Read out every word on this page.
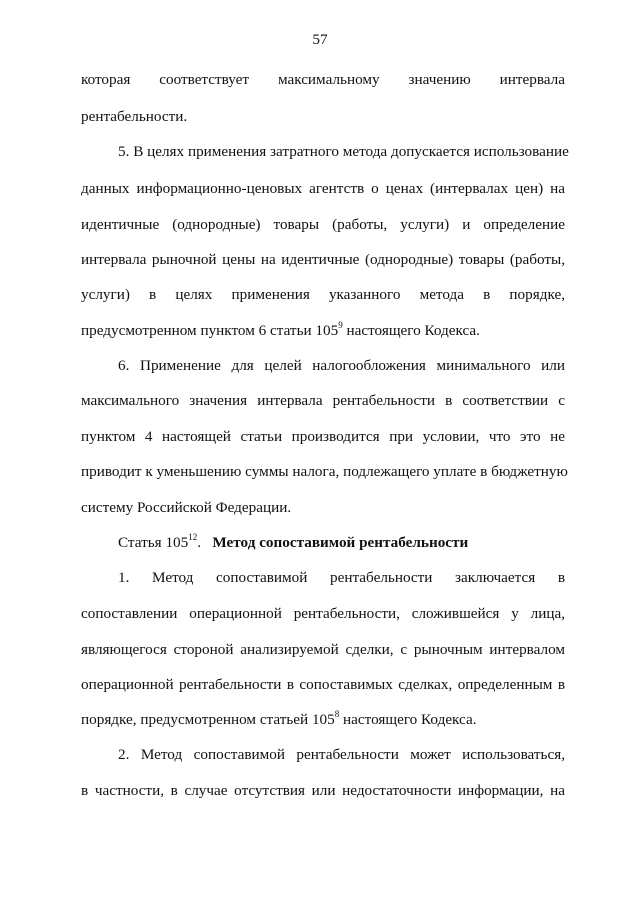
57
которая соответствует максимальному значению интервала
рентабельности.
5. В целях применения затратного метода допускается использование
данных информационно-ценовых агентств о ценах (интервалах цен) на
идентичные (однородные) товары (работы, услуги) и определение
интервала рыночной цены на идентичные (однородные) товары (работы,
услуги) в целях применения указанного метода в порядке,
предусмотренном пунктом 6 статьи $105^9$ настоящего Кодекса.
6. Применение для целей налогообложения минимального или
максимального значения интервала рентабельности в соответствии с
пунктом 4 настоящей статьи производится при условии, что это не
приводит к уменьшению суммы налога, подлежащего уплате в бюджетную
систему Российской Федерации.
Статья $105^{12}$. Метод сопоставимой рентабельности
1. Метод сопоставимой рентабельности заключается в
сопоставлении операционной рентабельности, сложившейся у лица,
являющегося стороной анализируемой сделки, с рыночным интервалом
операционной рентабельности в сопоставимых сделках, определенным в
порядке, предусмотренном статьей $105^8$ настоящего Кодекса.
2. Метод сопоставимой рентабельности может использоваться,
в частности, в случае отсутствия или недостаточности информации, на
